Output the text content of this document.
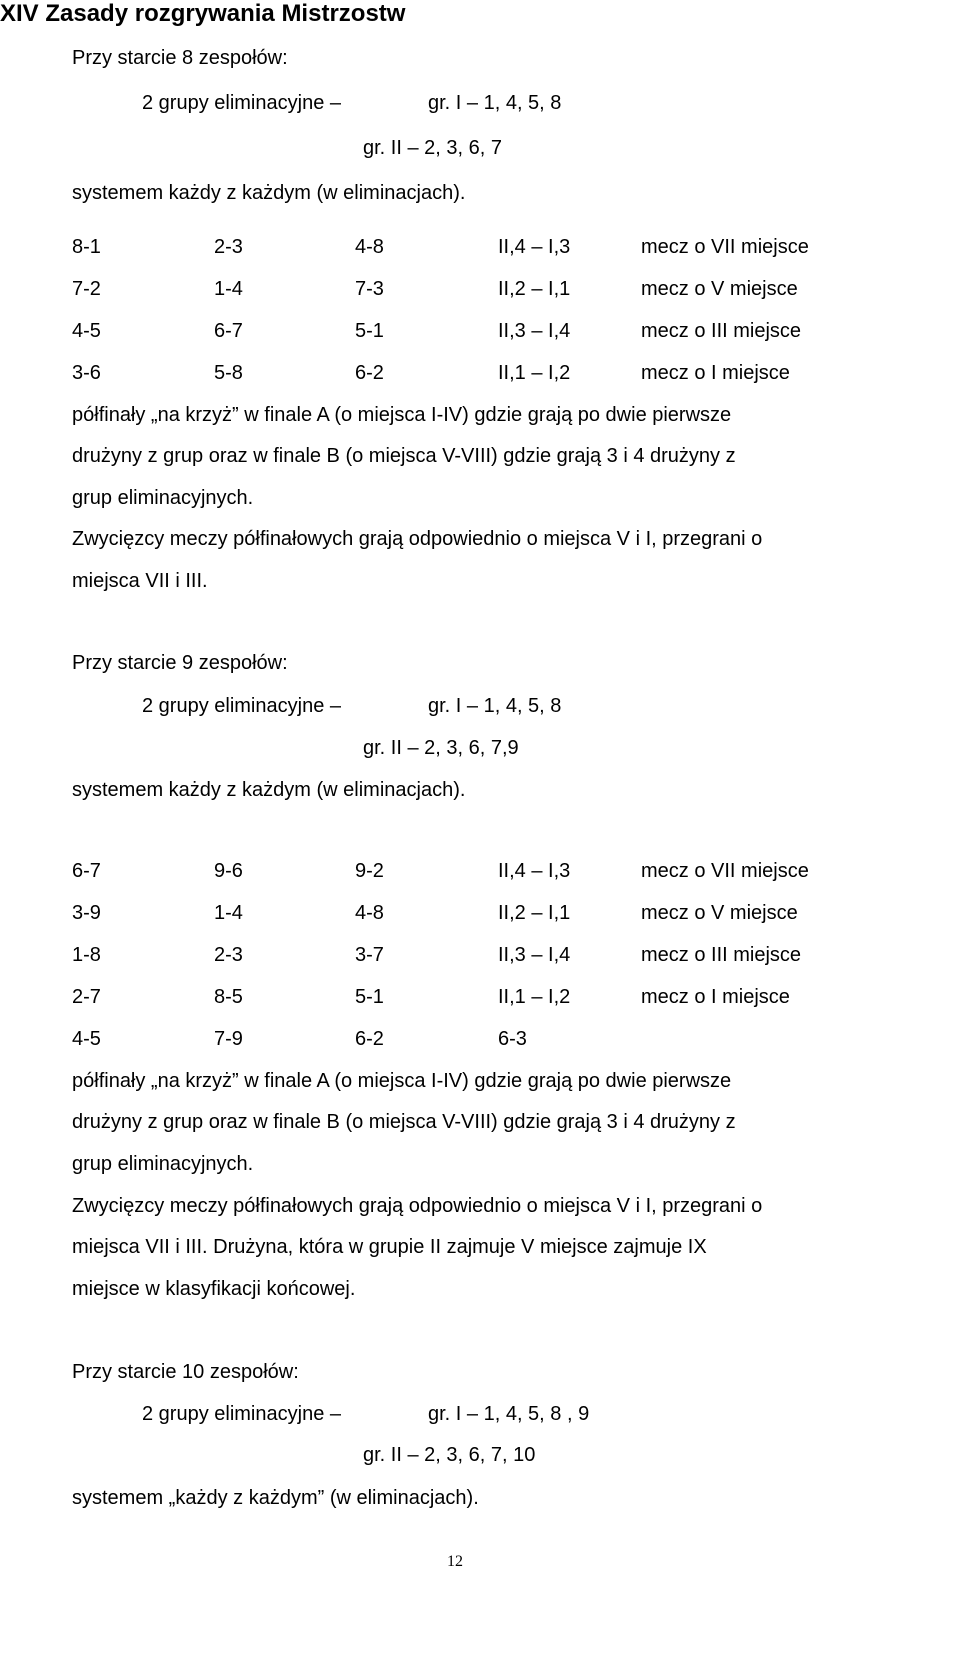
XIV Zasady rozgrywania Mistrzostw
Przy starcie 8 zespołów:
2 grupy eliminacyjne –	gr. I – 1, 4, 5, 8
gr. II – 2, 3, 6, 7
systemem każdy z każdym (w eliminacjach).
8-1	2-3	4-8	II,4 – I,3	mecz o VII miejsce
7-2	1-4	7-3	II,2 – I,1	mecz o V miejsce
4-5	6-7	5-1	II,3 – I,4	mecz o III miejsce
3-6	5-8	6-2	II,1 – I,2	mecz o I miejsce
półfinały „na krzyż” w finale A (o miejsca I-IV) gdzie grają po dwie pierwsze
drużyny z grup oraz w finale B (o miejsca V-VIII) gdzie grają 3 i 4 drużyny z
grup eliminacyjnych.
Zwycięzcy meczy półfinałowych grają odpowiednio o miejsca V i I, przegrani o
miejsca VII i III.
Przy starcie 9 zespołów:
2 grupy eliminacyjne –	gr. I – 1, 4, 5, 8
gr. II – 2, 3, 6, 7,9
systemem każdy z każdym (w eliminacjach).
6-7	9-6	9-2	II,4 – I,3	mecz o VII miejsce
3-9	1-4	4-8	II,2 – I,1	mecz o V miejsce
1-8	2-3	3-7	II,3 – I,4	mecz o III miejsce
2-7	8-5	5-1	II,1 – I,2	mecz o I miejsce
4-5	7-9	6-2	6-3
półfinały „na krzyż” w finale A (o miejsca I-IV) gdzie grają po dwie pierwsze
drużyny z grup oraz w finale B (o miejsca V-VIII) gdzie grają 3 i 4 drużyny z
grup eliminacyjnych.
Zwycięzcy meczy półfinałowych grają odpowiednio o miejsca V i I, przegrani o
miejsca VII i III. Drużyna, która w grupie II zajmuje V miejsce zajmuje IX
miejsce w klasyfikacji końcowej.
Przy starcie 10 zespołów:
2 grupy eliminacyjne –	gr. I – 1, 4, 5, 8 , 9
gr. II – 2, 3, 6, 7, 10
systemem „każdy z każdym” (w eliminacjach).
12
